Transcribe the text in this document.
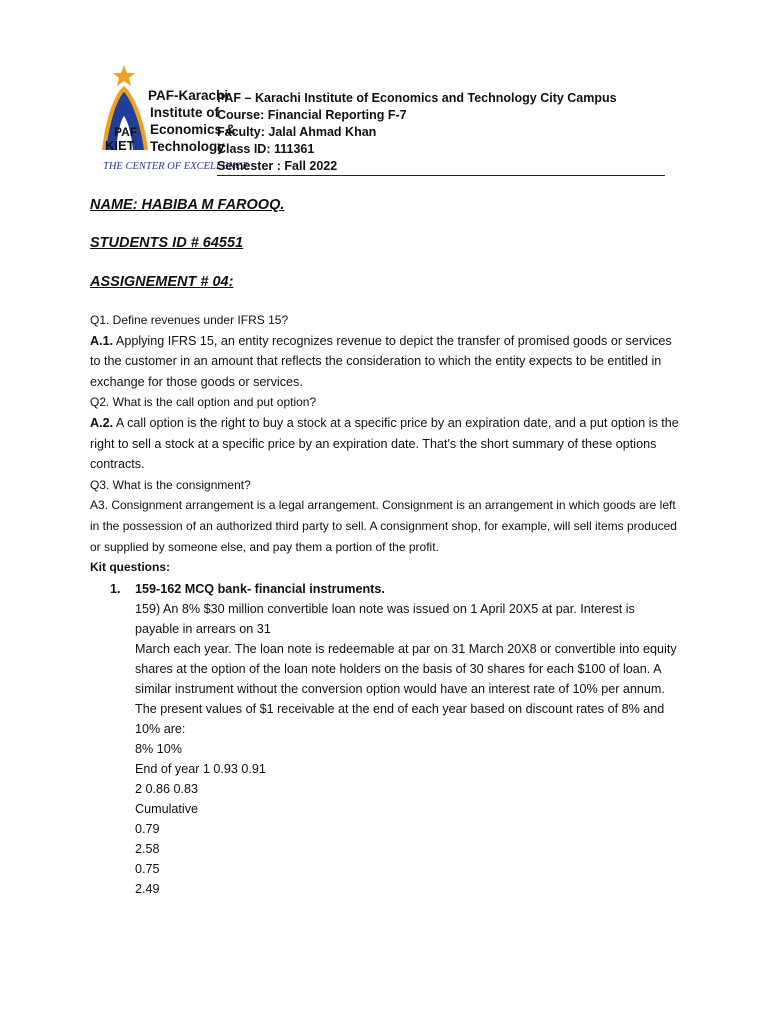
PAF-Karachi
Institute of
Economics &
Technology
PAF
KIET
THE CENTER OF EXCELLENCE
PAF – Karachi Institute of Economics and Technology City Campus
Course: Financial Reporting F-7
Faculty: Jalal Ahmad Khan
Class ID: 111361
Semester : Fall 2022
NAME: HABIBA M FAROOQ.
STUDENTS ID # 64551
ASSIGNEMENT # 04:

Q1. Define revenues under IFRS 15?

A.1. Applying IFRS 15, an entity recognizes revenue to depict the transfer of promised goods or services to the customer in an amount that reflects the consideration to which the entity expects to be entitled in exchange for those goods or services.

Q2. What is the call option and put option?

A.2. A call option is the right to buy a stock at a specific price by an expiration date, and a put option is the right to sell a stock at a specific price by an expiration date. That's the short summary of these options contracts.

Q3. What is the consignment?

A3. Consignment arrangement is a legal arrangement. Consignment is an arrangement in which goods are left in the possession of an authorized third party to sell. A consignment shop, for example, will sell items produced or supplied by someone else, and pay them a portion of the profit.

Kit questions:

1.	159-162 MCQ bank- financial instruments.
159) An 8% $30 million convertible loan note was issued on 1 April 20X5 at par. Interest is payable in arrears on 31
March each year. The loan note is redeemable at par on 31 March 20X8 or convertible into equity shares at the option of the loan note holders on the basis of 30 shares for each $100 of loan. A similar instrument without the conversion option would have an interest rate of 10% per annum.
The present values of $1 receivable at the end of each year based on discount rates of 8% and 10% are:
8% 10%
End of year 1 0.93 0.91
2 0.86 0.83
Cumulative
0.79
2.58
0.75
2.49
